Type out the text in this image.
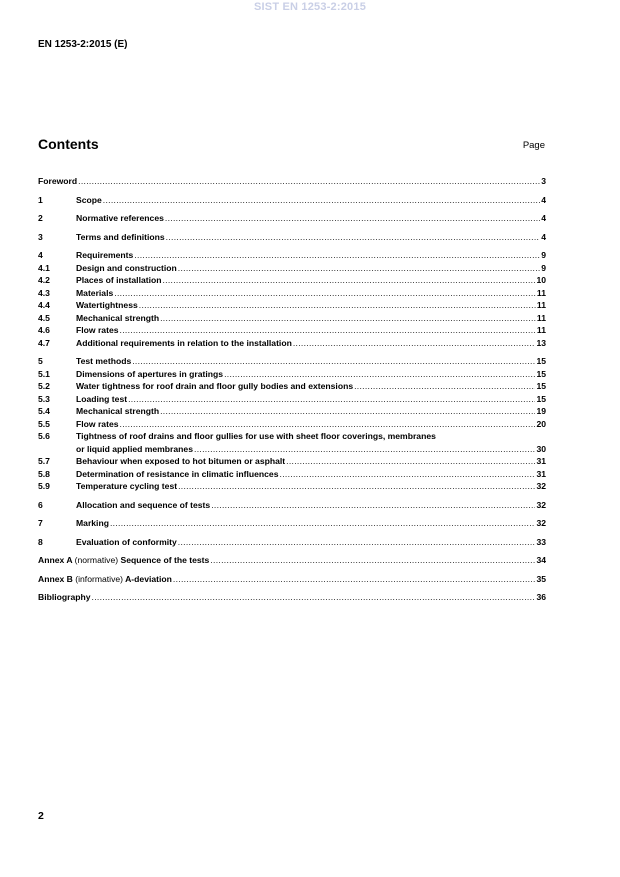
SIST EN 1253-2:2015
EN 1253-2:2015 (E)
Contents	Page
Foreword .....	3
1	Scope .....	4
2	Normative references .....	4
3	Terms and definitions .....	4
4	Requirements .....	9
4.1	Design and construction .....	9
4.2	Places of installation .....	10
4.3	Materials .....	11
4.4	Watertightness .....	11
4.5	Mechanical strength .....	11
4.6	Flow rates .....	11
4.7	Additional requirements in relation to the installation .....	13
5	Test methods .....	15
5.1	Dimensions of apertures in gratings .....	15
5.2	Water tightness for roof drain and floor gully bodies and extensions .....	15
5.3	Loading test .....	15
5.4	Mechanical strength .....	19
5.5	Flow rates .....	20
5.6	Tightness of roof drains and floor gullies for use with sheet floor coverings, membranes
or liquid applied membranes .....	30
5.7	Behaviour when exposed to hot bitumen or asphalt .....	31
5.8	Determination of resistance in climatic influences .....	31
5.9	Temperature cycling test .....	32
6	Allocation and sequence of tests .....	32
7	Marking .....	32
8	Evaluation of conformity .....	33
Annex A (normative) Sequence of the tests .....	34
Annex B (informative) A-deviation .....	35
Bibliography .....	36
2
